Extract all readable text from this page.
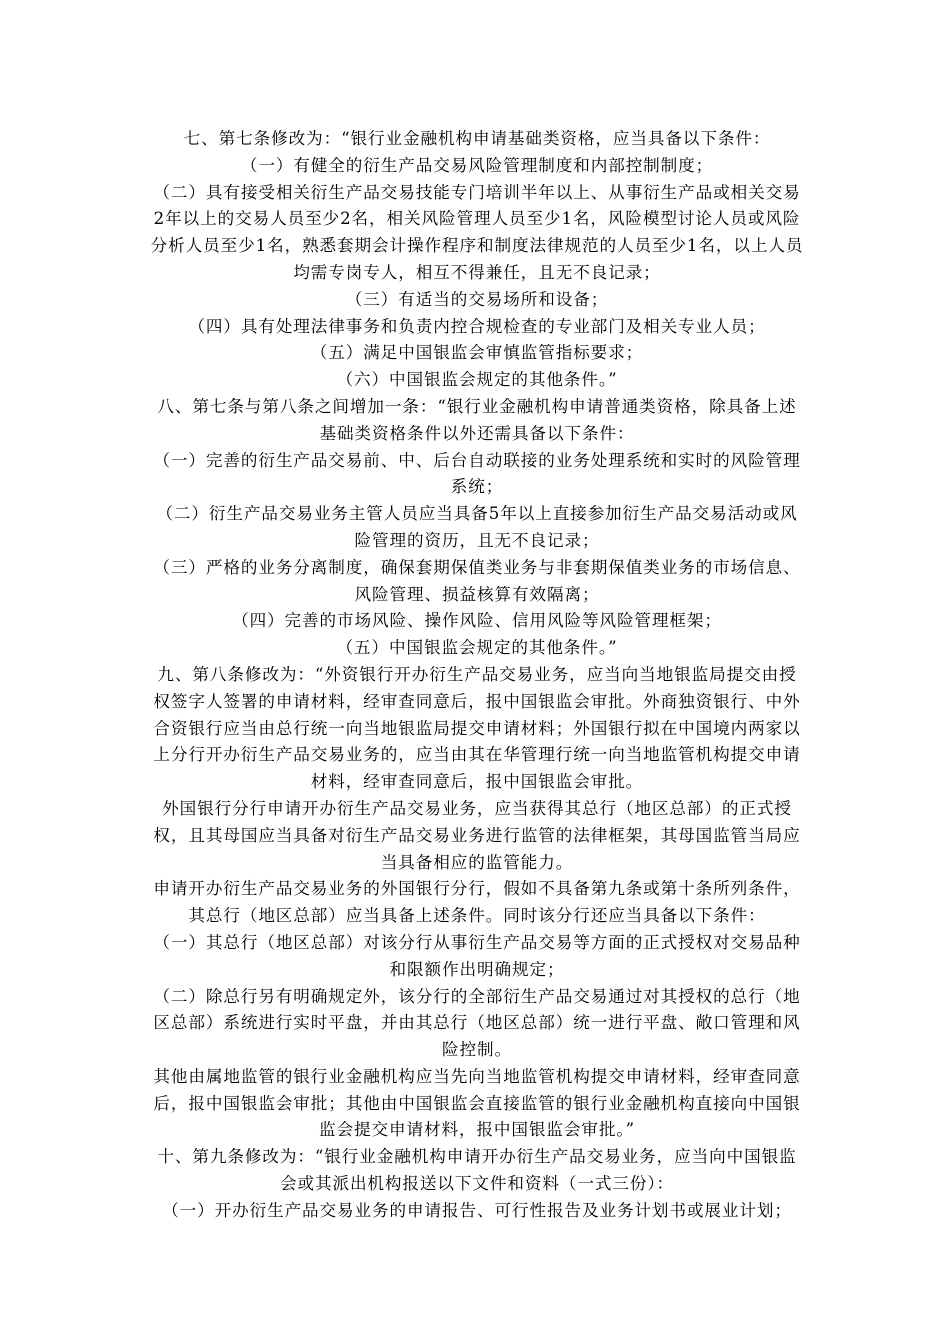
七、第七条修改为：“银行业金融机构申请基础类资格，应当具备以下条件：

（一）有健全的衍生产品交易风险管理制度和内部控制制度；

（二）具有接受相关衍生产品交易技能专门培训半年以上、从事衍生产品或相关交易2年以上的交易人员至少2名，相关风险管理人员至少1名，风险模型讨论人员或风险分析人员至少1名，熟悉套期会计操作程序和制度法律规范的人员至少1名，以上人员均需专岗专人，相互不得兼任，且无不良记录；

（三）有适当的交易场所和设备；

（四）具有处理法律事务和负责内控合规检查的专业部门及相关专业人员；

（五）满足中国银监会审慎监管指标要求；

（六）中国银监会规定的其他条件。”

八、第七条与第八条之间增加一条：“银行业金融机构申请普通类资格，除具备上述基础类资格条件以外还需具备以下条件：

（一）完善的衍生产品交易前、中、后台自动联接的业务处理系统和实时的风险管理系统；

（二）衍生产品交易业务主管人员应当具备5年以上直接参加衍生产品交易活动或风险管理的资历，且无不良记录；

（三）严格的业务分离制度，确保套期保值类业务与非套期保值类业务的市场信息、风险管理、损益核算有效隔离；

（四）完善的市场风险、操作风险、信用风险等风险管理框架；

（五）中国银监会规定的其他条件。”

九、第八条修改为：“外资银行开办衍生产品交易业务，应当向当地银监局提交由授权签字人签署的申请材料，经审查同意后，报中国银监会审批。外商独资银行、中外合资银行应当由总行统一向当地银监局提交申请材料；外国银行拟在中国境内两家以上分行开办衍生产品交易业务的，应当由其在华管理行统一向当地监管机构提交申请材料，经审查同意后，报中国银监会审批。

外国银行分行申请开办衍生产品交易业务，应当获得其总行（地区总部）的正式授权，且其母国应当具备对衍生产品交易业务进行监管的法律框架，其母国监管当局应当具备相应的监管能力。

申请开办衍生产品交易业务的外国银行分行，假如不具备第九条或第十条所列条件，其总行（地区总部）应当具备上述条件。同时该分行还应当具备以下条件：

（一）其总行（地区总部）对该分行从事衍生产品交易等方面的正式授权对交易品种和限额作出明确规定；

（二）除总行另有明确规定外，该分行的全部衍生产品交易通过对其授权的总行（地区总部）系统进行实时平盘，并由其总行（地区总部）统一进行平盘、敞口管理和风险控制。

其他由属地监管的银行业金融机构应当先向当地监管机构提交申请材料，经审查同意后，报中国银监会审批；其他由中国银监会直接监管的银行业金融机构直接向中国银监会提交申请材料，报中国银监会审批。”

十、第九条修改为：“银行业金融机构申请开办衍生产品交易业务，应当向中国银监会或其派出机构报送以下文件和资料（一式三份）：

（一）开办衍生产品交易业务的申请报告、可行性报告及业务计划书或展业计划；
